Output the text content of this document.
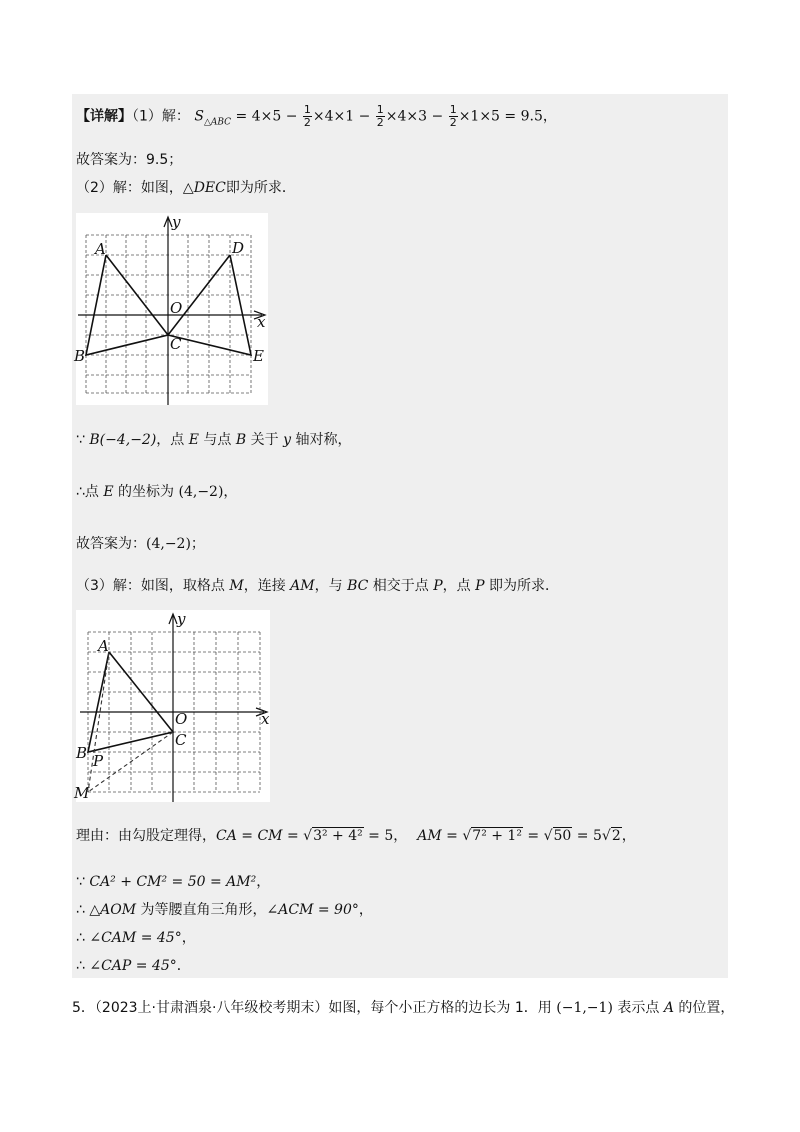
【详解】（1）解： $S_{\triangle ABC} = 4\times 5 - \frac{1}{2} \times 4\times 1 - \frac{1}{2} \times 4\times 3 - \frac{1}{2} \times 1\times 5 = 9.5$，
故答案为：9.5；
（2）解：如图，△DEC即为所求．
y
x
A	D
O
C
B	E
∵ B(−4,−2)，点 E 与点 B 关于 y 轴对称，
∴点 E 的坐标为 (4,−2)，
故答案为：(4,−2)；
（3）解：如图，取格点 M，连接 AM，与 BC 相交于点 P，点 P 即为所求．
y
x
A
O
C
B P
M
理由：由勾股定理得，CA = CM = √3² + 4² = 5， AM = √7² + 1² = √50 = 5√2，
∵ CA² + CM² = 50 = AM²，
∴ △AOM 为等腰直角三角形，∠ACM = 90°，
∴ ∠CAM = 45°，
∴ ∠CAP = 45°．
5．（2023上·甘肃酒泉·八年级校考期末）如图，每个小正方格的边长为 1．用 (−1,−1) 表示点 A 的位置，
